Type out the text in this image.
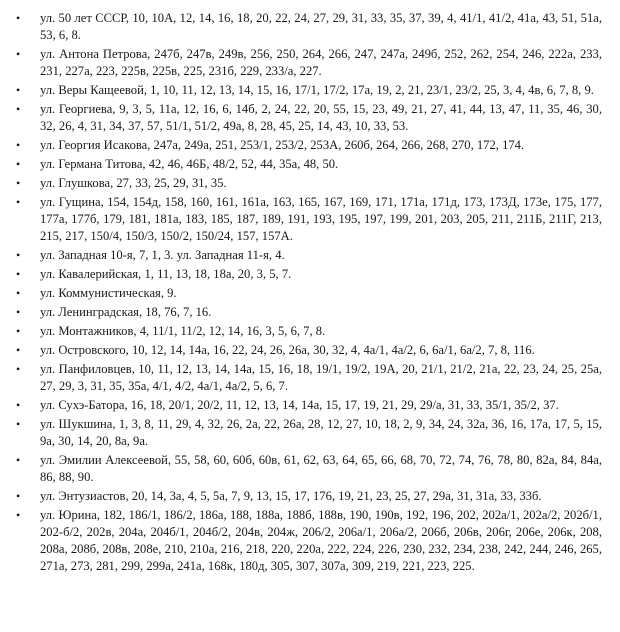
• ул. 50 лет СССР, 10, 10А, 12, 14, 16, 18, 20, 22, 24, 27, 29, 31, 33, 35, 37, 39, 4, 41/1, 41/2, 41а, 43, 51, 51а, 53, 6, 8.
• ул. Антона Петрова, 247б, 247в, 249в, 256, 250, 264, 266, 247, 247а, 249б, 252, 262, 254, 246, 222а, 233, 231, 227а, 223, 225в, 225в, 225, 231б, 229, 233/а, 227.
• ул. Веры Кащеевой, 1, 10, 11, 12, 13, 14, 15, 16, 17/1, 17/2, 17а, 19, 2, 21, 23/1, 23/2, 25, 3, 4, 4в, 6, 7, 8, 9.
• ул. Георгиева, 9, 3, 5, 11а, 12, 16, 6, 14б, 2, 24, 22, 20, 55, 15, 23, 49, 21, 27, 41, 44, 13, 47, 11, 35, 46, 30, 32, 26, 4, 31, 34, 37, 57, 51/1, 51/2, 49а, 8, 28, 45, 25, 14, 43, 10, 33, 53.
• ул. Георгия Исакова, 247а, 249а, 251, 253/1, 253/2, 253А, 260б, 264, 266, 268, 270, 172, 174.
• ул. Германа Титова, 42, 46, 46Б, 48/2, 52, 44, 35а, 48, 50.
• ул. Глушкова, 27, 33, 25, 29, 31, 35.
• ул. Гущина, 154, 154д, 158, 160, 161, 161а, 163, 165, 167, 169, 171, 171а, 171д, 173, 173Д, 173е, 175, 177, 177а, 177б, 179, 181, 181а, 183, 185, 187, 189, 191, 193, 195, 197, 199, 201, 203, 205, 211, 211Б, 211Г, 213, 215, 217, 150/4, 150/3, 150/2, 150/24, 157, 157А.
• ул. Западная 10-я, 7, 1, 3. ул. Западная 11-я, 4.
• ул. Кавалерийская, 1, 11, 13, 18, 18а, 20, 3, 5, 7.
• ул. Коммунистическая, 9.
• ул. Ленинградская, 18, 76, 7, 16.
• ул. Монтажников, 4, 11/1, 11/2, 12, 14, 16, 3, 5, 6, 7, 8.
• ул. Островского, 10, 12, 14, 14а, 16, 22, 24, 26, 26а, 30, 32, 4, 4а/1, 4а/2, 6, 6а/1, 6а/2, 7, 8, 116.
• ул. Панфиловцев, 10, 11, 12, 13, 14, 14а, 15, 16, 18, 19/1, 19/2, 19А, 20, 21/1, 21/2, 21а, 22, 23, 24, 25, 25а, 27, 29, 3, 31, 35, 35а, 4/1, 4/2, 4а/1, 4а/2, 5, 6, 7.
• ул. Сухэ-Батора, 16, 18, 20/1, 20/2, 11, 12, 13, 14, 14а, 15, 17, 19, 21, 29, 29/а, 31, 33, 35/1, 35/2, 37.
• ул. Шукшина, 1, 3, 8, 11, 29, 4, 32, 26, 2а, 22, 26а, 28, 12, 27, 10, 18, 2, 9, 34, 24, 32а, 36, 16, 17а, 17, 5, 15, 9а, 30, 14, 20, 8а, 9а.
• ул. Эмилии Алексеевой, 55, 58, 60, 60б, 60в, 61, 62, 63, 64, 65, 66, 68, 70, 72, 74, 76, 78, 80, 82а, 84, 84а, 86, 88, 90.
• ул. Энтузиастов, 20, 14, 3а, 4, 5, 5а, 7, 9, 13, 15, 17, 176, 19, 21, 23, 25, 27, 29а, 31, 31а, 33, 33б.
• ул. Юрина, 182, 186/1, 186/2, 186а, 188, 188а, 188б, 188в, 190, 190в, 192, 196, 202, 202а/1, 202а/2, 202б/1, 202-б/2, 202в, 204а, 204б/1, 204б/2, 204в, 204ж, 206/2, 206а/1, 206а/2, 206б, 206в, 206г, 206е, 206к, 208, 208а, 208б, 208в, 208е, 210, 210а, 216, 218, 220, 220а, 222, 224, 226, 230, 232, 234, 238, 242, 244, 246, 265, 271а, 273, 281, 299, 299а, 241а, 168к, 180д, 305, 307, 307а, 309, 219, 221, 223, 225.
